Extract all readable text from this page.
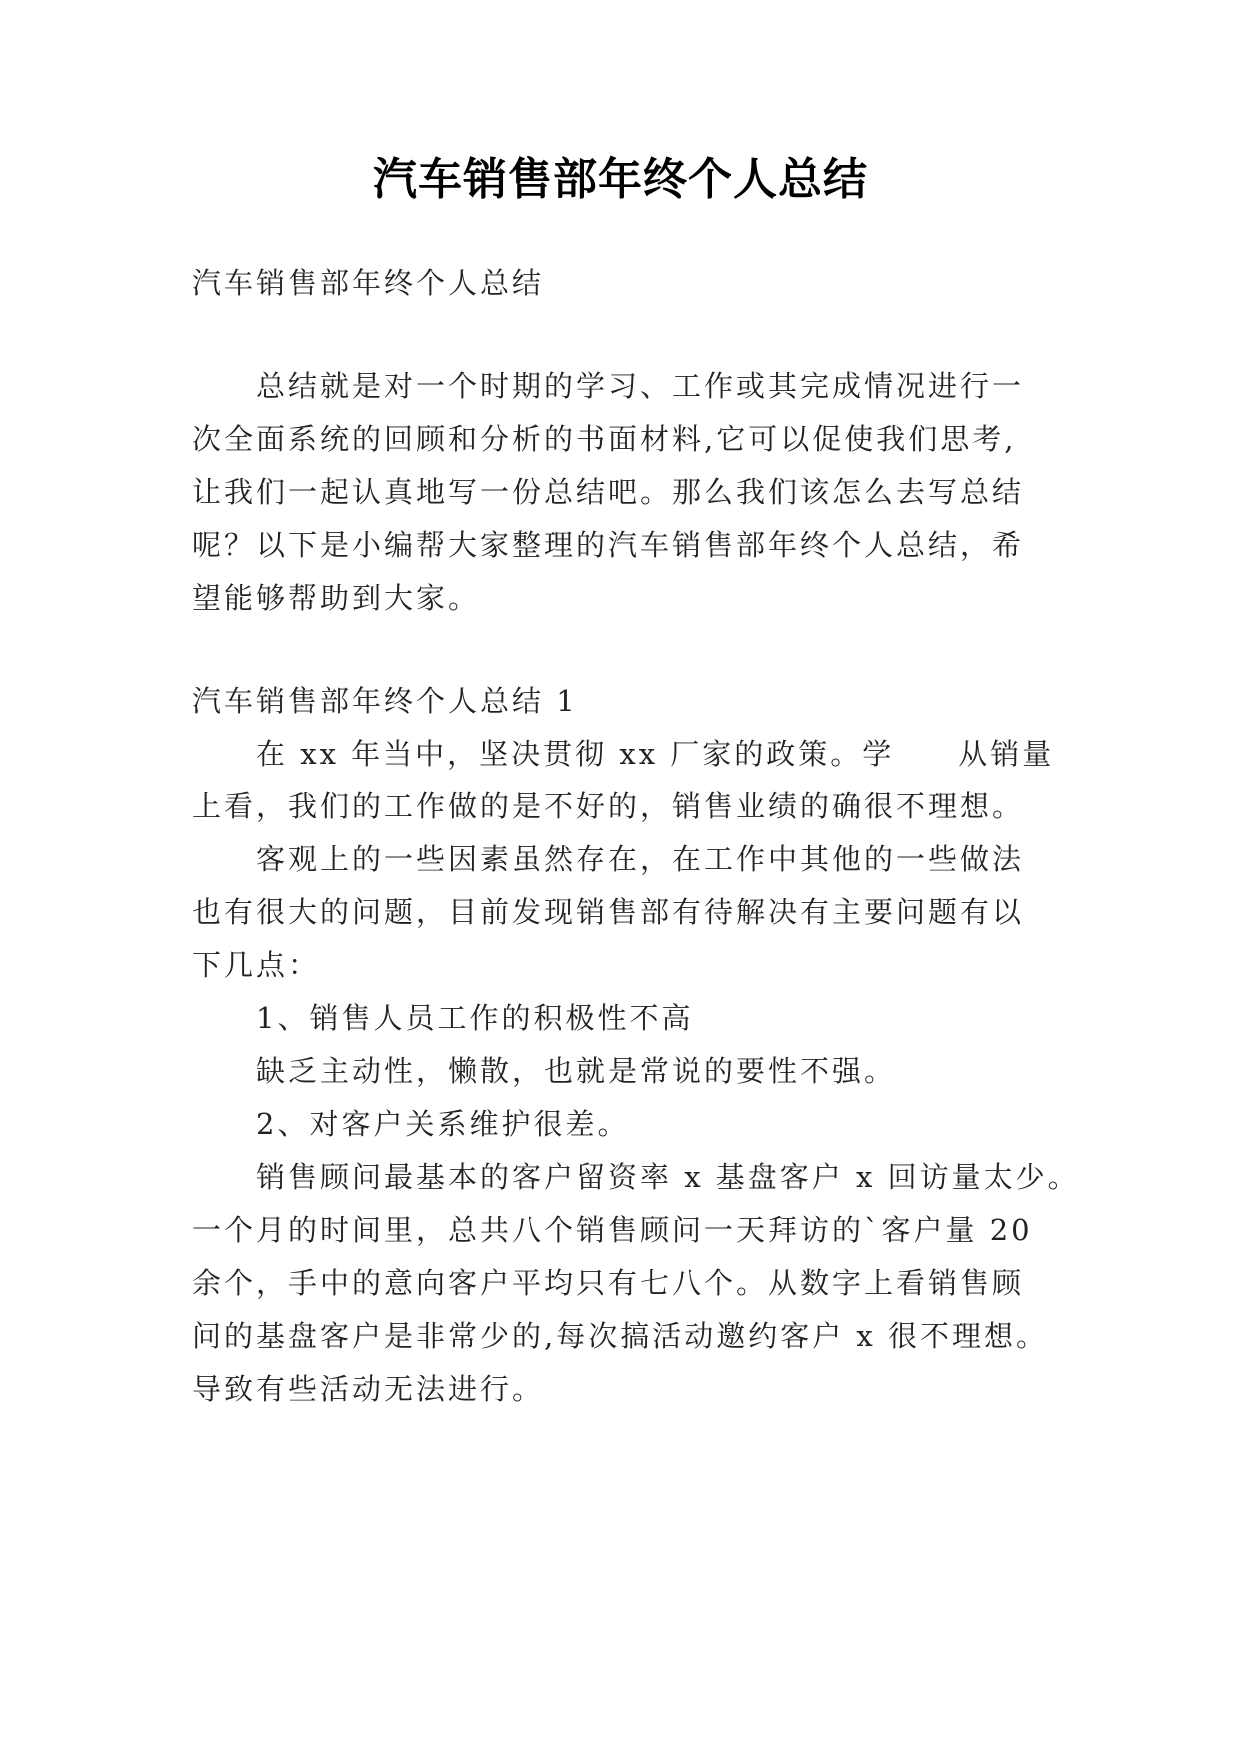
汽车销售部年终个人总结
汽车销售部年终个人总结
总结就是对一个时期的学习、工作或其完成情况进行一
次全面系统的回顾和分析的书面材料,它可以促使我们思考,
让我们一起认真地写一份总结吧。那么我们该怎么去写总结
呢？以下是小编帮大家整理的汽车销售部年终个人总结，希
望能够帮助到大家。
汽车销售部年终个人总结 1
在 xx 年当中，坚决贯彻 xx 厂家的政策。学 从销量
上看，我们的工作做的是不好的，销售业绩的确很不理想。
客观上的一些因素虽然存在，在工作中其他的一些做法
也有很大的问题，目前发现销售部有待解决有主要问题有以
下几点：
1、销售人员工作的积极性不高
缺乏主动性，懒散，也就是常说的要性不强。
2、对客户关系维护很差。
销售顾问最基本的客户留资率 x 基盘客户 x 回访量太少。
一个月的时间里，总共八个销售顾问一天拜访的`客户量 20
余个，手中的意向客户平均只有七八个。从数字上看销售顾
问的基盘客户是非常少的,每次搞活动邀约客户 x 很不理想。
导致有些活动无法进行。
